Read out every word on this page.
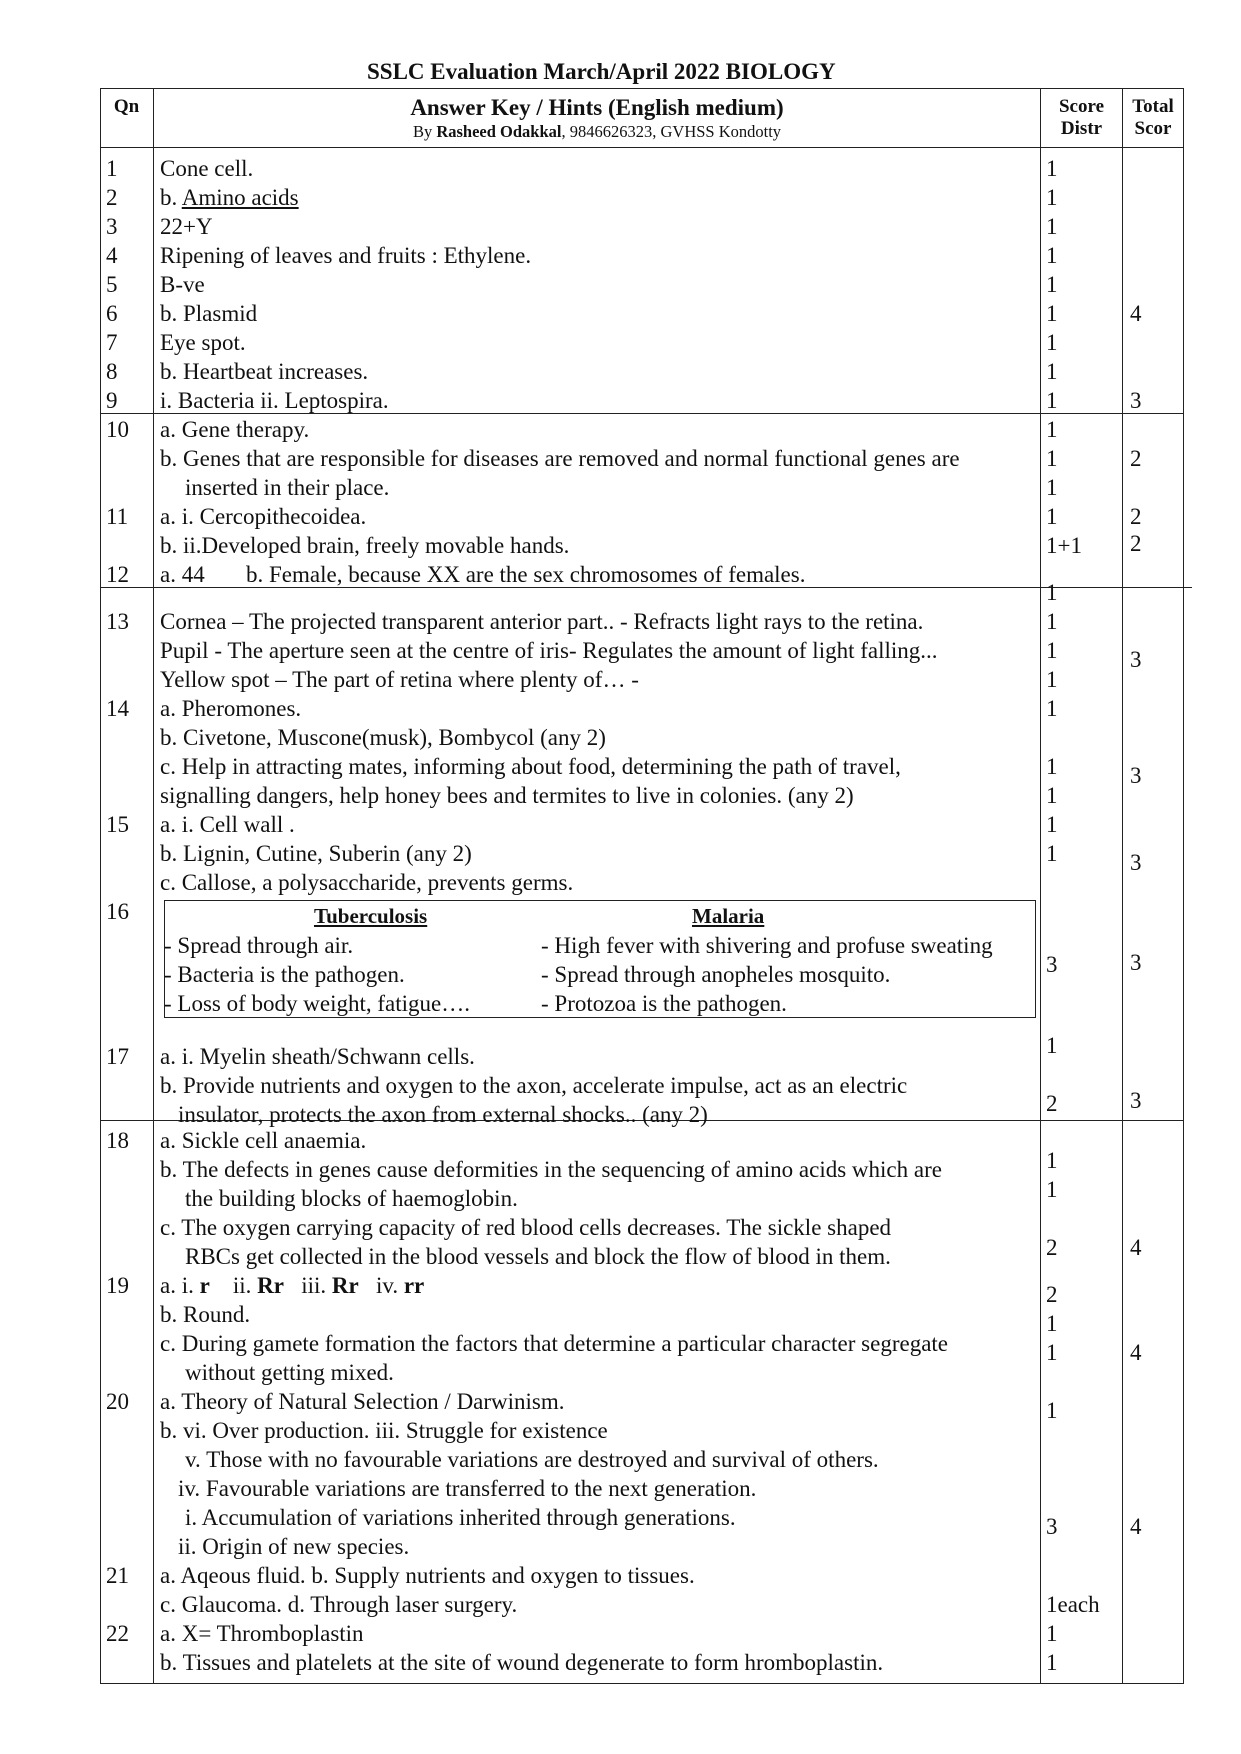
SSLC Evaluation March/April 2022 BIOLOGY
Qn	Answer Key / Hints (English medium)
By Rasheed Odakkal, 9846626323, GVHSS Kondotty
Score
Distr
Total
Scor
1
2
3
4
5
6
7
8
9
10
11
12
13
14
15
16
17
18
19
20
21
22
Cone cell.
b. Amino acids
22+Y
Ripening of leaves and fruits : Ethylene.
B-ve
b. Plasmid
Eye spot.
b. Heartbeat increases.
i. Bacteria ii. Leptospira.
a. Gene therapy.
b. Genes that are responsible for diseases are removed and normal functional genes are
inserted in their place.
a. i. Cercopithecoidea.
b. ii.Developed brain, freely movable hands.
a. 44 b. Female, because XX are the sex chromosomes of females.
Cornea – The projected transparent anterior part.. - Refracts light rays to the retina.
Pupil - The aperture seen at the centre of iris- Regulates the amount of light falling...
Yellow spot – The part of retina where plenty of… -
a. Pheromones.
b. Civetone, Muscone(musk), Bombycol (any 2)
c. Help in attracting mates, informing about food, determining the path of travel,
signalling dangers, help honey bees and termites to live in colonies. (any 2)
a. i. Cell wall .
b. Lignin, Cutine, Suberin (any 2)
c. Callose, a polysaccharide, prevents germs.
Tuberculosis	Malaria
- Spread through air.
- Bacteria is the pathogen.
- Loss of body weight, fatigue….
- High fever with shivering and profuse sweating
- Spread through anopheles mosquito.
- Protozoa is the pathogen.
a. i. Myelin sheath/Schwann cells.
b. Provide nutrients and oxygen to the axon, accelerate impulse, act as an electric
insulator, protects the axon from external shocks.. (any 2)
a. Sickle cell anaemia.
b. The defects in genes cause deformities in the sequencing of amino acids which are
the building blocks of haemoglobin.
c. The oxygen carrying capacity of red blood cells decreases. The sickle shaped
RBCs get collected in the blood vessels and block the flow of blood in them.
a. i. r    ii. Rr   iii. Rr   iv. rr
b. Round.
c. During gamete formation the factors that determine a particular character segregate
without getting mixed.
a. Theory of Natural Selection / Darwinism.
b. vi. Over production. iii. Struggle for existence
v. Those with no favourable variations are destroyed and survival of others.
iv. Favourable variations are transferred to the next generation.
i. Accumulation of variations inherited through generations.
ii. Origin of new species.
a. Aqeous fluid. b. Supply nutrients and oxygen to tissues.
c. Glaucoma. d. Through laser surgery.
a. X= Thromboplastin
b. Tissues and platelets at the site of wound degenerate to form hromboplastin.
1
1
1
1
1
1
1
1
1
1
1
1
1
1+1
1
1
1
1
1
1
1
1
1
3
1
2
1
1
2
2
1
1
1
3
1each
1
1
4
3
2
2
2
3
3
3
3
3
4
4
4
